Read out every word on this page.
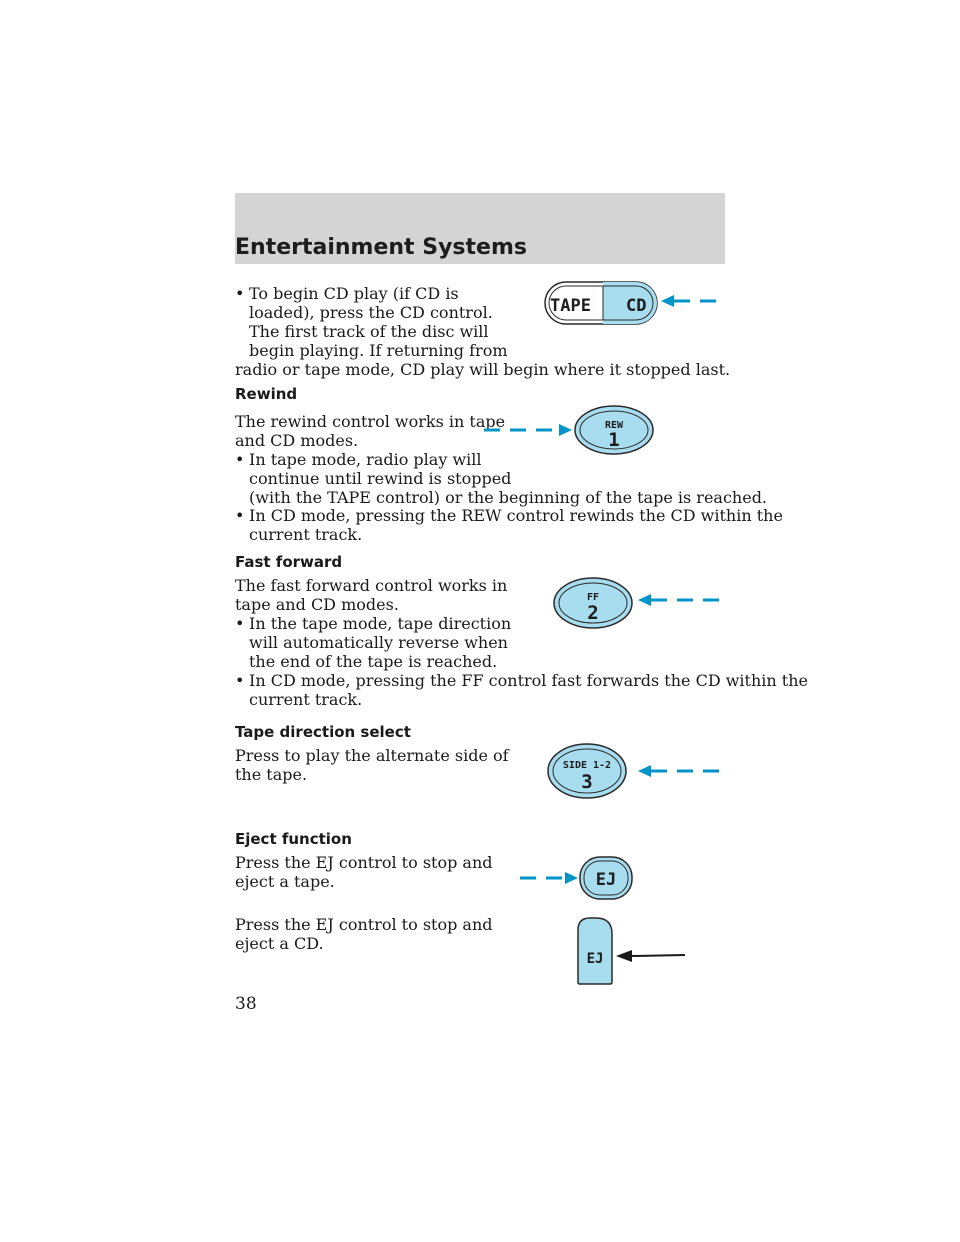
Entertainment Systems
• To begin CD play (if CD is
loaded), press the CD control.
The first track of the disc will
begin playing. If returning from
radio or tape mode, CD play will begin where it stopped last.
TAPE CD
Rewind
The rewind control works in tape
and CD modes.
• In tape mode, radio play will
continue until rewind is stopped
(with the TAPE control) or the beginning of the tape is reached.
• In CD mode, pressing the REW control rewinds the CD within the
current track.
REW
1
Fast forward
The fast forward control works in
tape and CD modes.
• In the tape mode, tape direction
will automatically reverse when
the end of the tape is reached.
• In CD mode, pressing the FF control fast forwards the CD within the
current track.
FF
2
Tape direction select
Press to play the alternate side of
the tape.	SIDE 1-2
3
Eject function
Press the EJ control to stop and
eject a tape.
Press the EJ control to stop and
eject a CD.
EJ
EJ
38
